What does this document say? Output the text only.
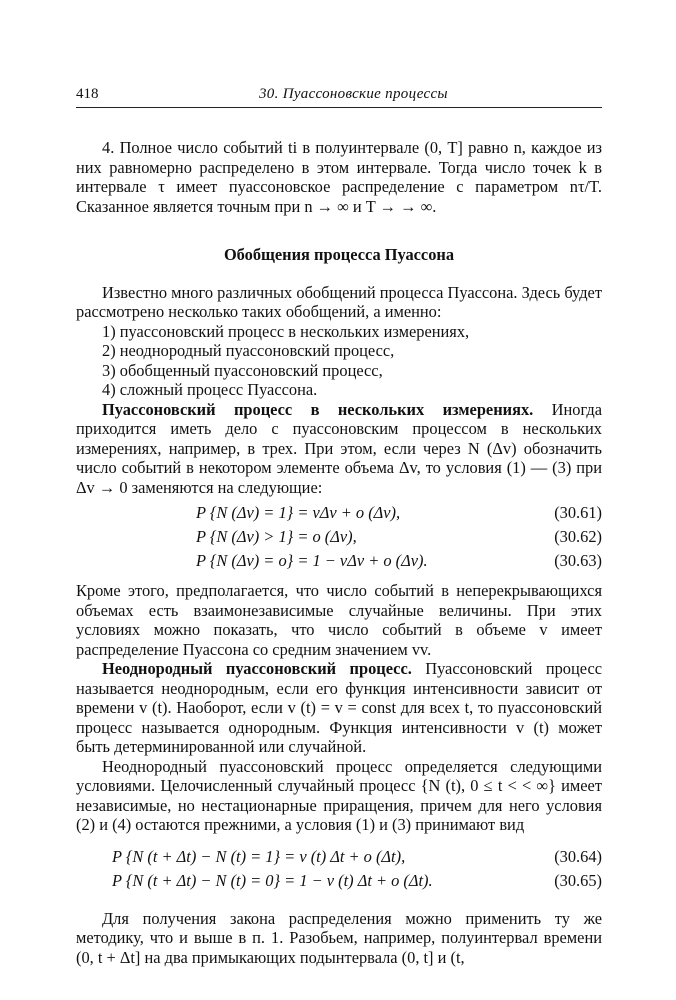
418	30. Пуассоновские процессы

4. Полное число событий ti в полуинтервале (0, T] равно n, каждое из них равномерно распределено в этом интервале. Тогда число точек k в интервале τ имеет пуассоновское распределение с параметром nτ/T. Сказанное является точным при n → ∞ и T → → ∞.

Обобщения процесса Пуассона

Известно много различных обобщений процесса Пуассона. Здесь будет рассмотрено несколько таких обобщений, а именно:

1) пуассоновский процесс в нескольких измерениях,
2) неоднородный пуассоновский процесс,
3) обобщенный пуассоновский процесс,
4) сложный процесс Пуассона.

Пуассоновский процесс в нескольких измерениях. Иногда приходится иметь дело с пуассоновским процессом в нескольких измерениях, например, в трех. При этом, если через N (Δv) обозначить число событий в некотором элементе объема Δv, то условия (1) — (3) при Δv → 0 заменяются на следующие:

P {N (Δv) = 1} = vΔv + o (Δv),	(30.61)
P {N (Δv) > 1} = o (Δv),	(30.62)
P {N (Δv) = o} = 1 − vΔv + o (Δv).	(30.63)

Кроме этого, предполагается, что число событий в неперекрывающихся объемах есть взаимонезависимые случайные величины. При этих условиях можно показать, что число событий в объеме v имеет распределение Пуассона со средним значением vv.

Неоднородный пуассоновский процесс. Пуассоновский процесс называется неоднородным, если его функция интенсивности зависит от времени v (t). Наоборот, если v (t) = v = const для всех t, то пуассоновский процесс называется однородным. Функция интенсивности v (t) может быть детерминированной или случайной.

Неоднородный пуассоновский процесс определяется следующими условиями. Целочисленный случайный процесс {N (t), 0 ≤ t < < ∞} имеет независимые, но нестационарные приращения, причем для него условия (2) и (4) остаются прежними, а условия (1) и (3) принимают вид

P {N (t + Δt) − N (t) = 1} = v (t) Δt + o (Δt),	(30.64)
P {N (t + Δt) − N (t) = 0} = 1 − v (t) Δt + o (Δt).	(30.65)

Для получения закона распределения можно применить ту же методику, что и выше в п. 1. Разобьем, например, полуинтервал времени (0, t + Δt] на два примыкающих подынтервала (0, t] и (t,
